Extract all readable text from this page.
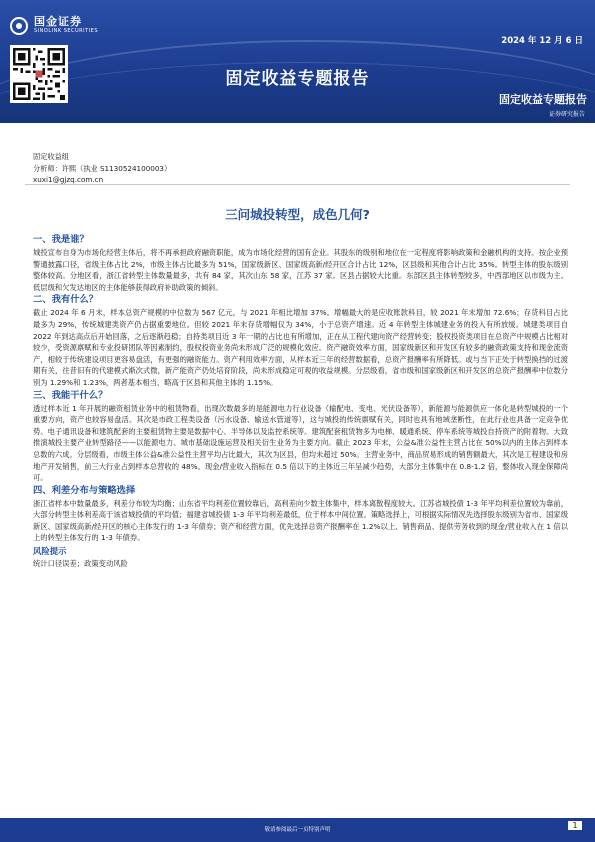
国金证券
SINOLINK SECURITIES
2024 年 12 月 6 日
固定收益专题报告
固定收益专题报告
证券研究报告
固定收益组
分析师：许熙（执业 S1130524100003）
xuxi1@gjzq.com.cn
三问城投转型，成色几何?
一、我是谁？

城投宣布自身为市场化经营主体后，将不再承担政府融资职能，成为市场化经营的国有企业。其股东的级别和地位在一定程度将影响政策和金融机构的支持。按企业预警通披露口径，省级主体占比 2%，市级主体占比最多为 51%，国家级新区、国家级高新/经开区合计占比 12%，区县级和其他合计占比 35%。转型主体的股东级别整体较高。分地区看，浙江省转型主体数量最多，共有 84 家，其次山东 58 家，江苏 37 家。区县占据较大比重。东部区县主体转型较多，中西部地区以市级为主。低层级和欠发达地区的主体能够获得政府补助政策的倾斜。

二、我有什么？

截止 2024 年 6 月末，样本总资产规模的中位数为 567 亿元，与 2021 年相比增加 37%。增幅最大的是应收账款科目，较 2021 年末增加 72.6%；存货科目占比最多为 29%，传统城建类资产仍占据重要地位。但较 2021 年末存货增幅仅为 34%，小于总资产增速。近 4 年转型主体城建业务的投入有所放缓。城建类项目自 2022 年到达高点后开始回落，之后逐渐趋稳；自持类项目近 3 年一期的占比也有所增加，正在从工程代建向资产经营转变；股权投资类项目在总资产中规模占比相对较少，受资源禀赋和专业投研团队等因素制约，股权投资业务尚未形成广泛的规模化效应。资产融资效率方面，国家级新区和开发区有较多的融资政策支持和现金流资产，相较于传统建设项目更容易盘活，有更强的融资能力。资产利用效率方面，从样本近三年的经营数据看，总资产报酬率有所降低。或与当下正处于转型换挡的过渡期有关，往昔旧有的代建模式渐次式微，新产能资产仍处培育阶段，尚未形成稳定可观的收益规模。分层级看，省市级和国家级新区和开发区的总资产报酬率中位数分别为 1.29%和 1.23%，两者基本相当，略高于区县和其他主体的 1.15%。

三、我能干什么？

透过样本近 1 年开展的融资租赁业务中的租赁物看，出现次数最多的是能源电力行业设备（输配电、变电、光伏设备等），新能源与能源供应一体化是转型城投的一个重要方向，资产也较容易盘活。其次是市政工程类设备（污水设备、输送水管道等），这与城投的传统禀赋有关，同时也具有地域垄断性，在此行业也具备一定竞争优势。电子通讯设备和建筑配套的主要租赁物主要是数据中心、半导体以及监控系统等。建筑配套租赁物多为电梯、暖通系统、停车系统等城投自持资产的附着物。大致推演城投主要产业转型路径——以能源电力、城市基础设施运营及相关衍生业务为主要方向。截止 2023 年末，公益&准公益性主营占比在 50%以内的主体占到样本总数的六成。分层级看，市级主体公益&准公益性主营平均占比最大，其次为区县，但均未超过 50%。主营业务中，商品贸易形成的销售额最大，其次是工程建设和房地产开发销售，前三大行业占到样本总营收的 48%。现金/营业收入指标在 0.5 倍以下的主体近三年呈减少趋势，大部分主体集中在 0.8-1.2 倍，整体收入现金保障尚可。

四、利差分布与策略选择

浙江省样本中数量最多，利差分布较为均衡；山东省平均利差位置较靠后，高利差向少数主体集中，样本离散程度较大。江苏省城投债 1-3 年平均利差位置较为靠前，大部分转型主体利差高于该省城投债的平均值；福建省城投债 1-3 年平均利差最低，位于样本中间位置。策略选择上，可根据实际情况先选择股东级别为省市、国家级新区、国家级高新/经开区的核心主体发行的 1-3 年债券；资产和经营方面，优先选择总资产报酬率在 1.2%以上、销售商品、提供劳务收到的现金/营业收入在 1 倍以上的转型主体发行的 1-3 年债券。

风险提示

统计口径误差；政策变动风险

敬请参阅最后一页特别声明	1
